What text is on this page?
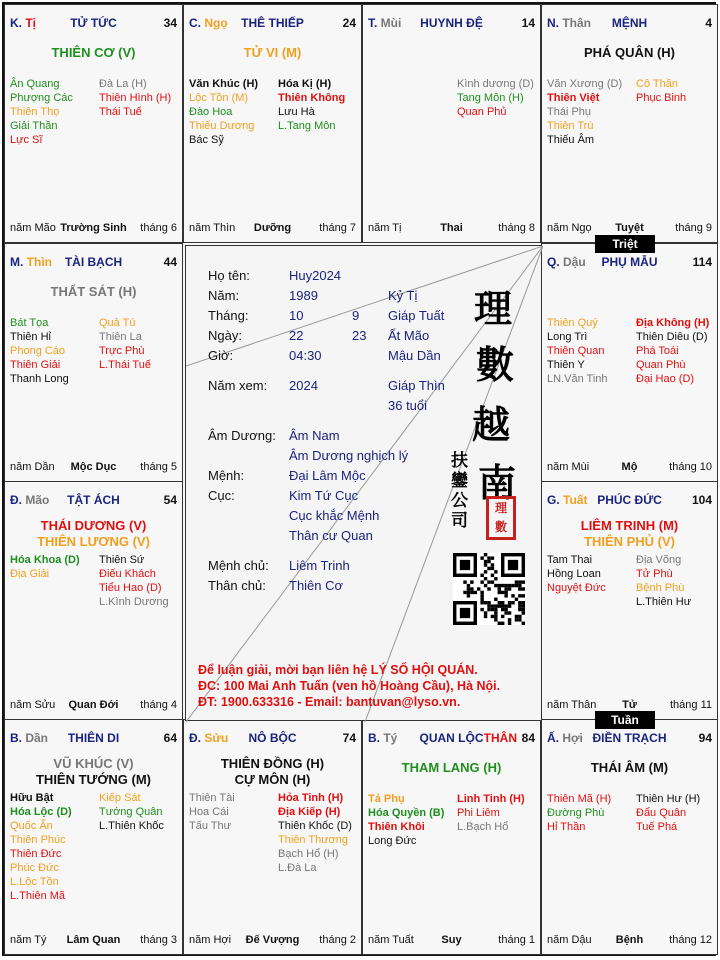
K. Tị	TỬ TỨC	34
THIÊN CƠ (V)
Ân Quang
Phượng Các
Thiên Thọ
Giải Thần
Lực Sĩ
Đà La (H)
Thiên Hình (H)
Thái Tuế
năm Mão Trường Sinh	tháng 6
C. Ngọ	THÊ THIẾP	24
TỬ VI (M)
Văn Khúc (H)
Lộc Tồn (M)
Đào Hoa
Thiếu Dương
Bác Sỹ
Hóa Kị (H)
Thiên Không
Lưu Hà
L.Tang Môn
năm Thìn	Dưỡng	tháng 7
T. Mùi	HUYNH ĐỆ	14
Kình dương (D)
Tang Môn (H)
Quan Phủ
năm Tị	Thai	tháng 8
N. Thân	MỆNH	4
PHÁ QUÂN (H)
Văn Xương (D)
Thiên Việt
Thái Phụ
Thiên Trù
Thiếu Âm
Cô Thần
Phục Binh
năm Ngọ	Tuyệt	tháng 9
M. Thìn	TÀI BẠCH	44
THẤT SÁT (H)
Bát Tọa
Thiên Hỉ
Phong Cáo
Thiên Giải
Thanh Long
Quả Tú
Thiên La
Trực Phù
L.Thái Tuế
năm Dần	Mộc Dục	tháng 5
Q. Dậu	PHỤ MẪU	114
Thiên Quý
Long Trì
Thiên Quan
Thiên Y
LN.Văn Tinh
Địa Không (H)
Thiên Diêu (D)
Phá Toái
Quan Phù
Đại Hao (D)
năm Mùi	Mộ	tháng 10
Đ. Mão	TẬT ÁCH	54
THÁI DƯƠNG (V)
THIÊN LƯƠNG (V)
Hóa Khoa (D)
Địa Giải
Thiên Sứ
Điếu Khách
Tiểu Hao (D)
L.Kình Dương
năm Sửu	Quan Đới	tháng 4
G. Tuất PHÚC ĐỨC	104
LIÊM TRINH (M)
THIÊN PHỦ (V)
Tam Thai
Hồng Loan
Nguyệt Đức
Địa Võng
Tử Phù
Bệnh Phù
L.Thiên Hư
năm Thân	Tử	tháng 11
B. Dần	THIÊN DI	64
VŨ KHÚC (V)
THIÊN TƯỚNG (M)
Hữu Bật
Hóa Lộc (D)
Quốc Ấn
Thiên Phúc
Thiên Đức
Phúc Đức
L.Lộc Tồn
L.Thiên Mã
Kiếp Sát
Tướng Quân
L.Thiên Khốc
năm Tý	Lâm Quan	tháng 3
Đ. Sửu	NÔ BỘC	74
THIÊN ĐỒNG (H)
CỰ MÔN (H)
Thiên Tài
Hoa Cái
Tấu Thư
Hỏa Tinh (H)
Địa Kiếp (H)
Thiên Khốc (D)
Thiên Thương
Bạch Hổ (H)
L.Đà La
năm Hợi	Đế Vượng	tháng 2
B. Tý	QUAN LỘC THÂN 84
THAM LANG (H)
Tả Phụ
Hóa Quyền (B)
Thiên Khôi
Long Đức
Linh Tinh (H)
Phi Liêm
L.Bạch Hổ
năm Tuất	Suy	tháng 1
Ấ. Hợi ĐIỀN TRẠCH	94
THÁI ÂM (M)
Thiên Mã (H)
Đường Phù
Hỉ Thần
Thiên Hư (H)
Đẩu Quân
Tuế Phá
năm Dậu	Bệnh	tháng 12
Họ tên:	Huy2024
Năm:	1989	Kỷ Tị
Tháng:	10	9 Giáp Tuất
Ngày:	22	23 Ất Mão
Giờ:	04:30	Mậu Dần
Năm xem: 2024	Giáp Thìn
36 tuổi
Âm Dương: Âm Nam
Âm Dương nghịch lý
Mệnh:	Đại Lâm Mộc
Cục:	Kim Tứ Cục
Cục khắc Mệnh
Thân cư Quan
Mệnh chủ: Liêm Trinh
Thân chủ: Thiên Cơ
理
數
越
南
扶
鑾
公
司
理
數
Để luận giải, mời bạn liên hệ LÝ SỐ HỘI QUÁN.
ĐC: 100 Mai Anh Tuấn (ven hồ Hoàng Cầu), Hà Nội.
ĐT: 1900.633316 - Email: bantuvan@lyso.vn.
Triệt
Tuần
